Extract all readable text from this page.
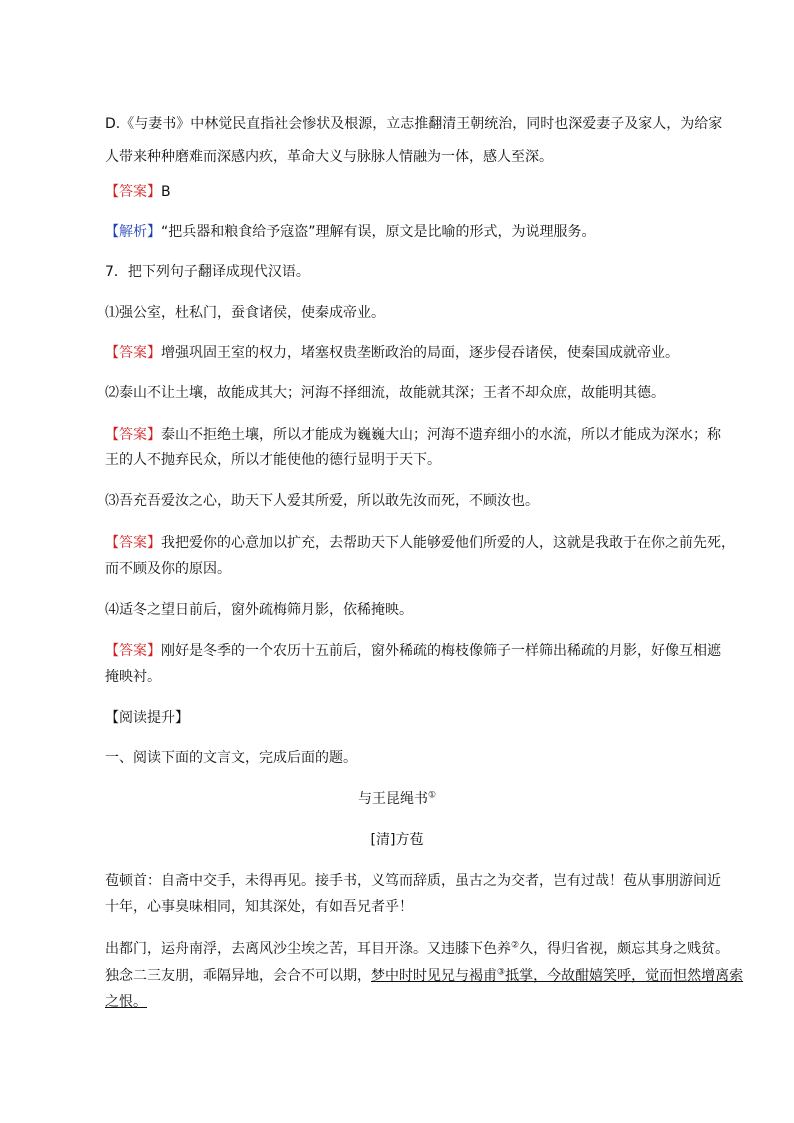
D.《与妻书》中林觉民直指社会惨状及根源，立志推翻清王朝统治，同时也深爱妻子及家人，为给家
人带来种种磨难而深感内疚，革命大义与脉脉人情融为一体，感人至深。
【答案】B
【解析】“把兵器和粮食给予寇盗”理解有误，原文是比喻的形式，为说理服务。
7．把下列句子翻译成现代汉语。
⑴强公室，杜私门，蚕食诸侯，使秦成帝业。
【答案】增强巩固王室的权力，堵塞权贵垄断政治的局面，逐步侵吞诸侯，使秦国成就帝业。
⑵泰山不让土壤，故能成其大；河海不择细流，故能就其深；王者不却众庶，故能明其德。
【答案】泰山不拒绝土壤，所以才能成为巍巍大山；河海不遗弃细小的水流，所以才能成为深水；称
王的人不抛弃民众，所以才能使他的德行显明于天下。
⑶吾充吾爱汝之心，助天下人爱其所爱，所以敢先汝而死，不顾汝也。
【答案】我把爱你的心意加以扩充，去帮助天下人能够爱他们所爱的人，这就是我敢于在你之前先死，
而不顾及你的原因。
⑷适冬之望日前后，窗外疏梅筛月影，依稀掩映。
【答案】刚好是冬季的一个农历十五前后，窗外稀疏的梅枝像筛子一样筛出稀疏的月影，好像互相遮
掩映衬。
【阅读提升】
一、阅读下面的文言文，完成后面的题。
与王昆绳书①
[清]方苞
苞顿首：自斋中交手，未得再见。接手书，义笃而辞质，虽古之为交者，岂有过哉！苞从事朋游间近
十年，心事臭味相同，知其深处，有如吾兄者乎！
出都门，运舟南浮，去离风沙尘埃之苦，耳目开涤。又违膝下色养②久，得归省视，颇忘其身之贱贫。
独念二三友朋，乖隔异地，会合不可以期，梦中时时见兄与褐甫③抵掌，今故酣嬉笑呼，觉而怛然增离索
之恨。
